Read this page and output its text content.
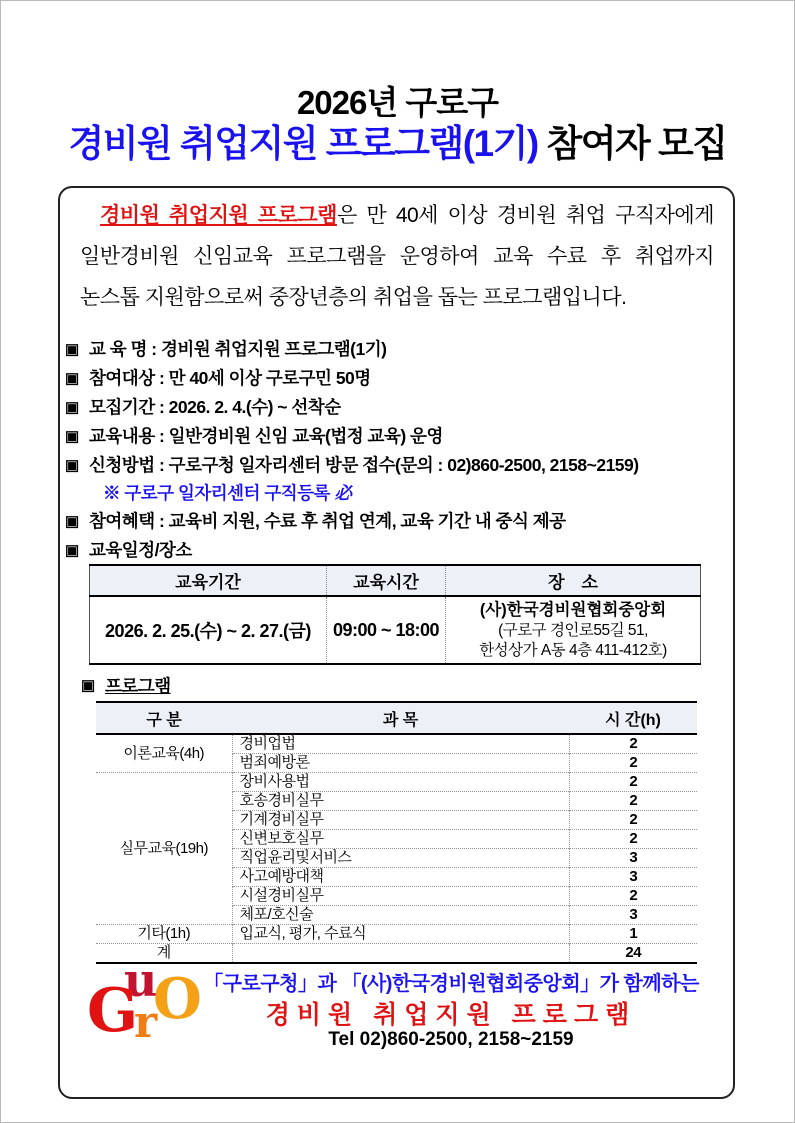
2026년 구로구
경비원 취업지원 프로그램(1기) 참여자 모집
경비원 취업지원 프로그램은 만 40세 이상 경비원 취업 구직자에게
일반경비원 신임교육 프로그램을 운영하여 교육 수료 후 취업까지
논스톱 지원함으로써 중장년층의 취업을 돕는 프로그램입니다.
▣ 교 육 명 : 경비원 취업지원 프로그램(1기)
▣ 참여대상 : 만 40세 이상 구로구민 50명
▣ 모집기간 : 2026. 2. 4.(수) ~ 선착순
▣ 교육내용 : 일반경비원 신임 교육(법정 교육) 운영
▣ 신청방법 : 구로구청 일자리센터 방문 접수(문의 : 02)860-2500, 2158~2159)
※ 구로구 일자리센터 구직등록 必
▣ 참여혜택 : 교육비 지원, 수료 후 취업 연계, 교육 기간 내 중식 제공
▣ 교육일정/장소
교육기간	교육시간	장　소
2026. 2. 25.(수) ~ 2. 27.(금)	09:00 ~ 18:00	(사)한국경비원협회중앙회
(구로구 경인로55길 51,
한성상가 A동 4층 411-412호)
▣ 프로그램
구 분	과 목	시 간(h)
이론교육(4h)	경비업법	2
	범죄예방론	2
실무교육(19h)	장비사용법	2
	호송경비실무	2
	기계경비실무	2
	신변보호실무	2
	직업윤리및서비스	3
	사고예방대책	3
	시설경비실무	2
	체포/호신술	3
기타(1h)	입교식, 평가, 수료식	1
계		24
u
G
r
O 「구로구청」과 「(사)한국경비원협회중앙회」가 함께하는
경비원 취업지원 프로그램
Tel 02)860-2500, 2158~2159
